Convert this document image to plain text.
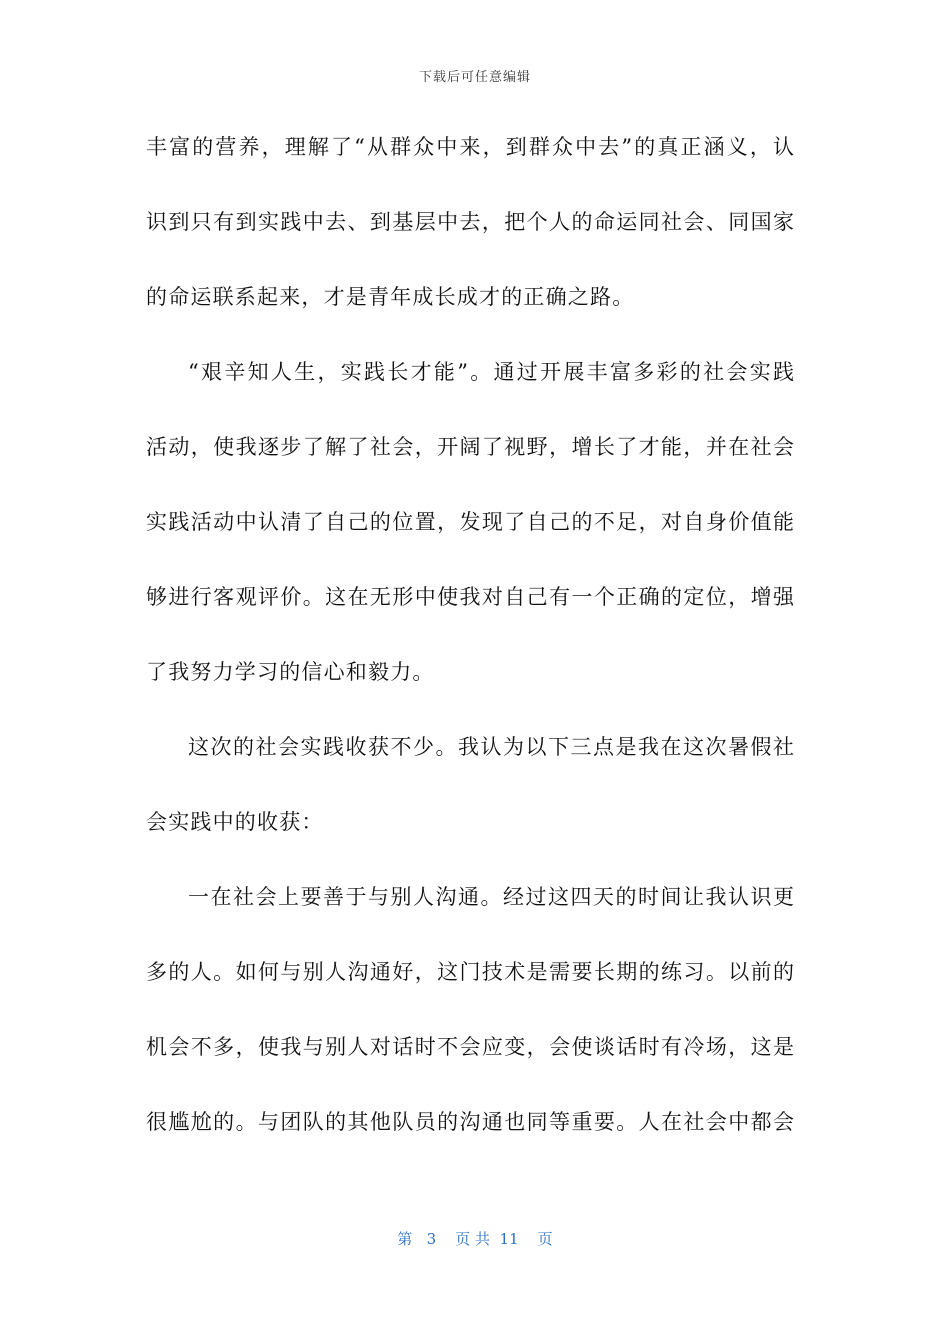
下载后可任意编辑
丰富的营养，理解了“从群众中来，到群众中去”的真正涵义，认
识到只有到实践中去、到基层中去，把个人的命运同社会、同国家
的命运联系起来，才是青年成长成才的正确之路。
“艰辛知人生，实践长才能”。通过开展丰富多彩的社会实践
活动，使我逐步了解了社会，开阔了视野，增长了才能，并在社会
实践活动中认清了自己的位置，发现了自己的不足，对自身价值能
够进行客观评价。这在无形中使我对自己有一个正确的定位，增强
了我努力学习的信心和毅力。
这次的社会实践收获不少。我认为以下三点是我在这次暑假社
会实践中的收获：
一在社会上要善于与别人沟通。经过这四天的时间让我认识更
多的人。如何与别人沟通好，这门技术是需要长期的练习。以前的
机会不多，使我与别人对话时不会应变，会使谈话时有冷场，这是
很尴尬的。与团队的其他队员的沟通也同等重要。人在社会中都会
第   3    页 共  11    页
